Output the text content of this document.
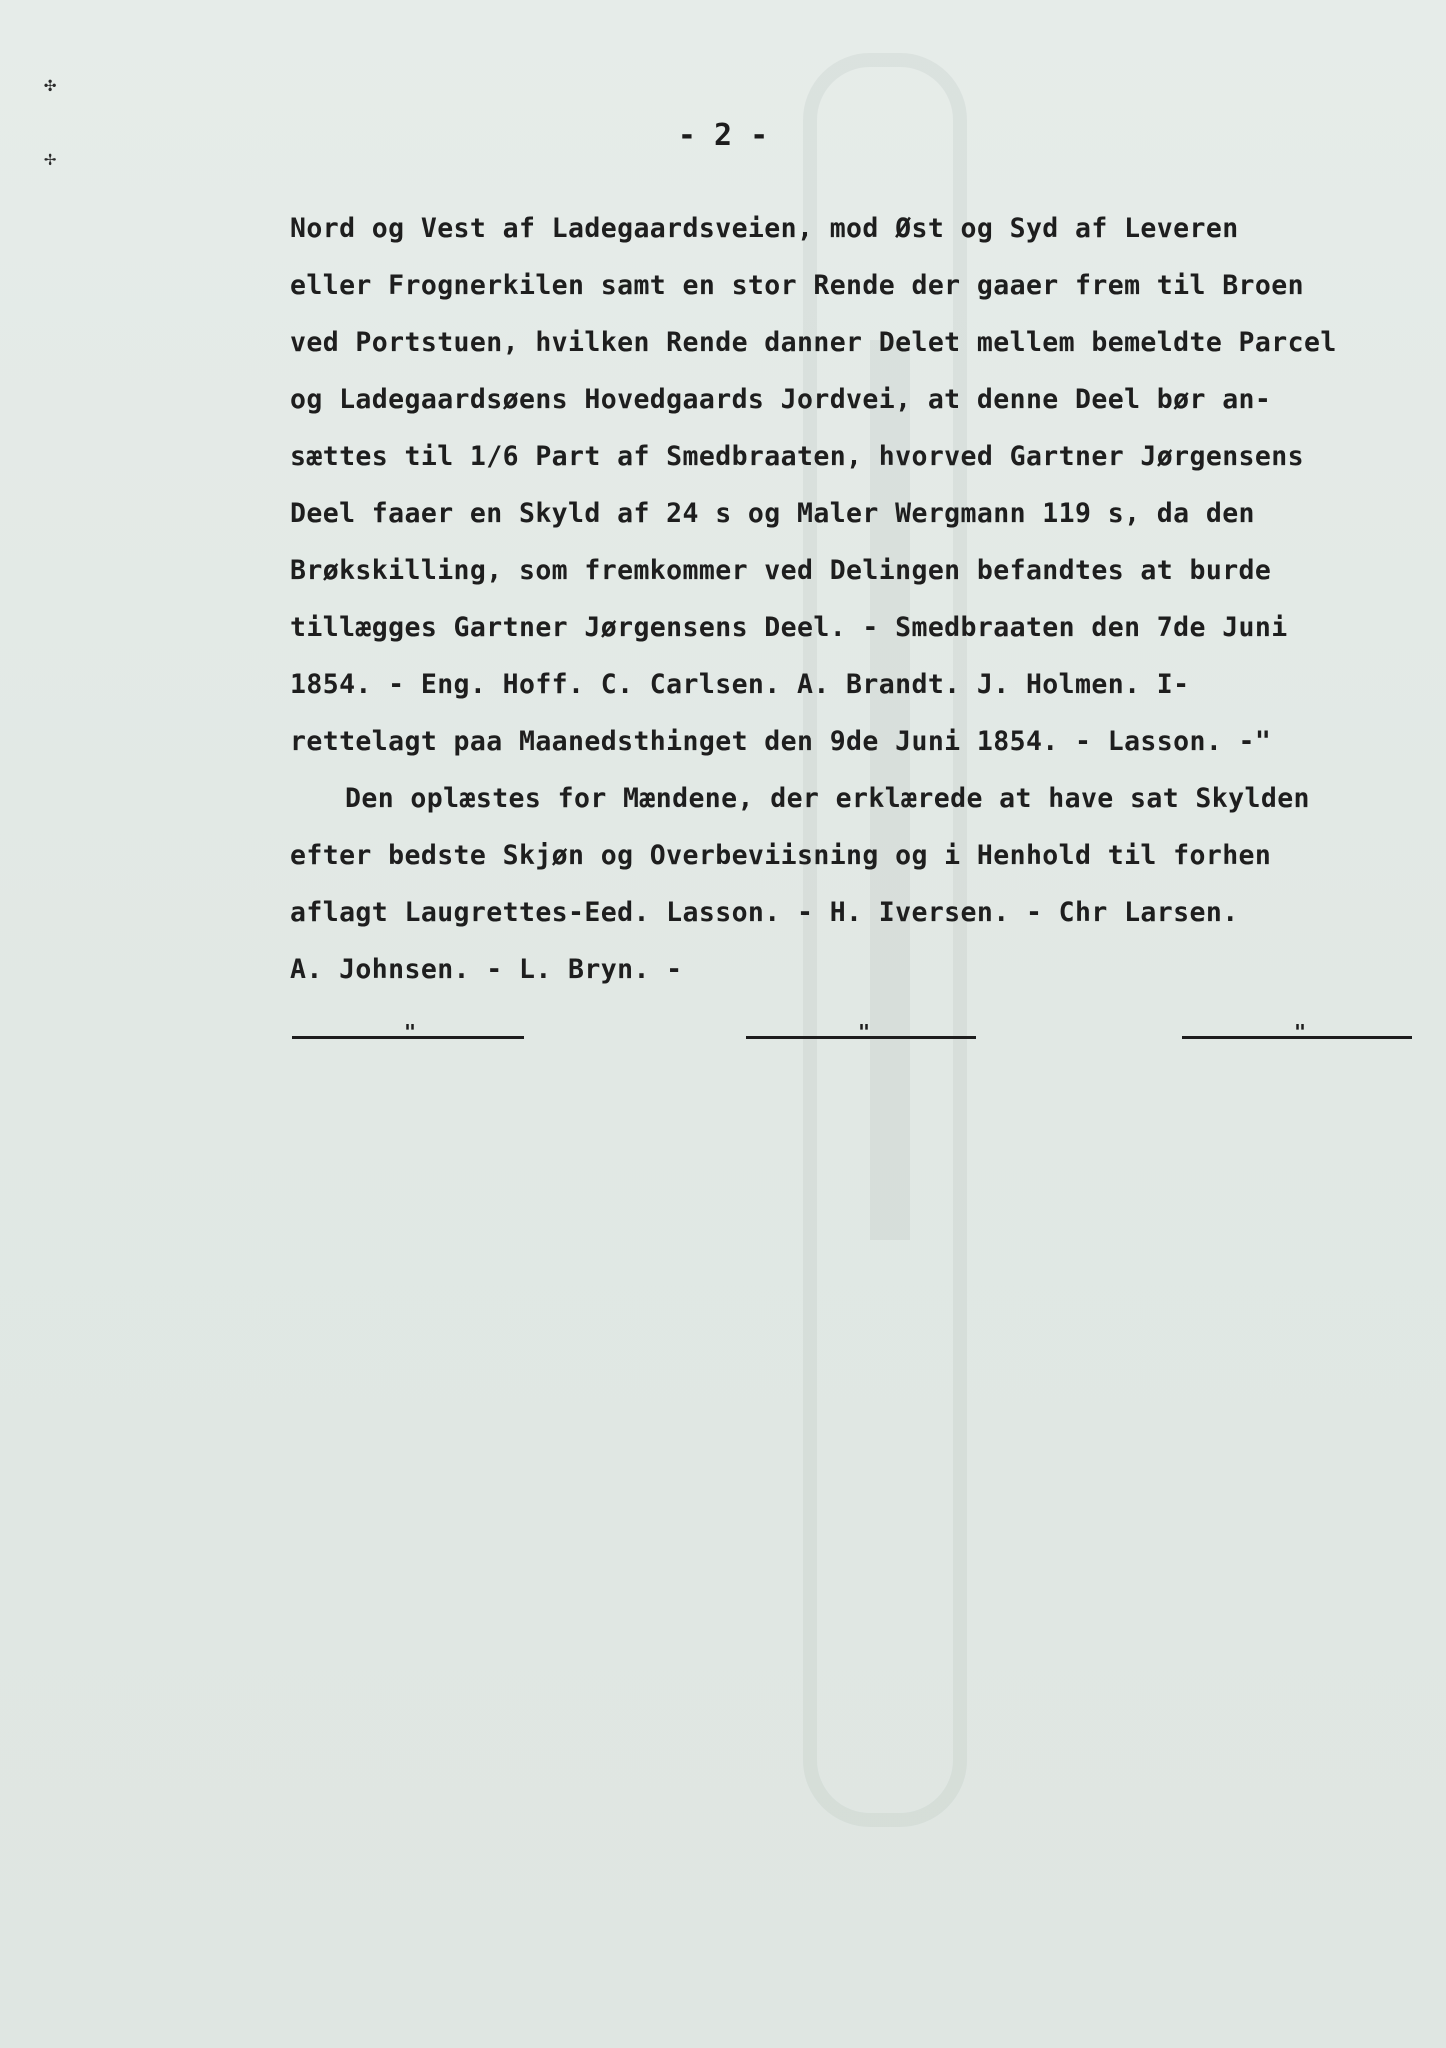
✣
✢
- 2 -
Nord og Vest af Ladegaardsveien, mod Øst og Syd af Leveren
eller Frognerkilen samt en stor Rende der gaaer frem til Broen
ved Portstuen, hvilken Rende danner Delet mellem bemeldte Parcel
og Ladegaardsøens Hovedgaards Jordvei, at denne Deel bør an-
sættes til 1/6 Part af Smedbraaten, hvorved Gartner Jørgensens
Deel faaer en Skyld af 24 s og Maler Wergmann 119 s, da den
Brøkskilling, som fremkommer ved Delingen befandtes at burde
tillægges Gartner Jørgensens Deel. - Smedbraaten den 7de Juni
1854. - Eng. Hoff. C. Carlsen. A. Brandt. J. Holmen. I-
rettelagt paa Maanedsthinget den 9de Juni 1854. - Lasson. -"
Den oplæstes for Mændene, der erklærede at have sat Skylden
efter bedste Skjøn og Overbeviisning og i Henhold til forhen
aflagt Laugrettes-Eed. Lasson. - H. Iversen. - Chr Larsen.
A. Johnsen. - L. Bryn. -
"	"	"
